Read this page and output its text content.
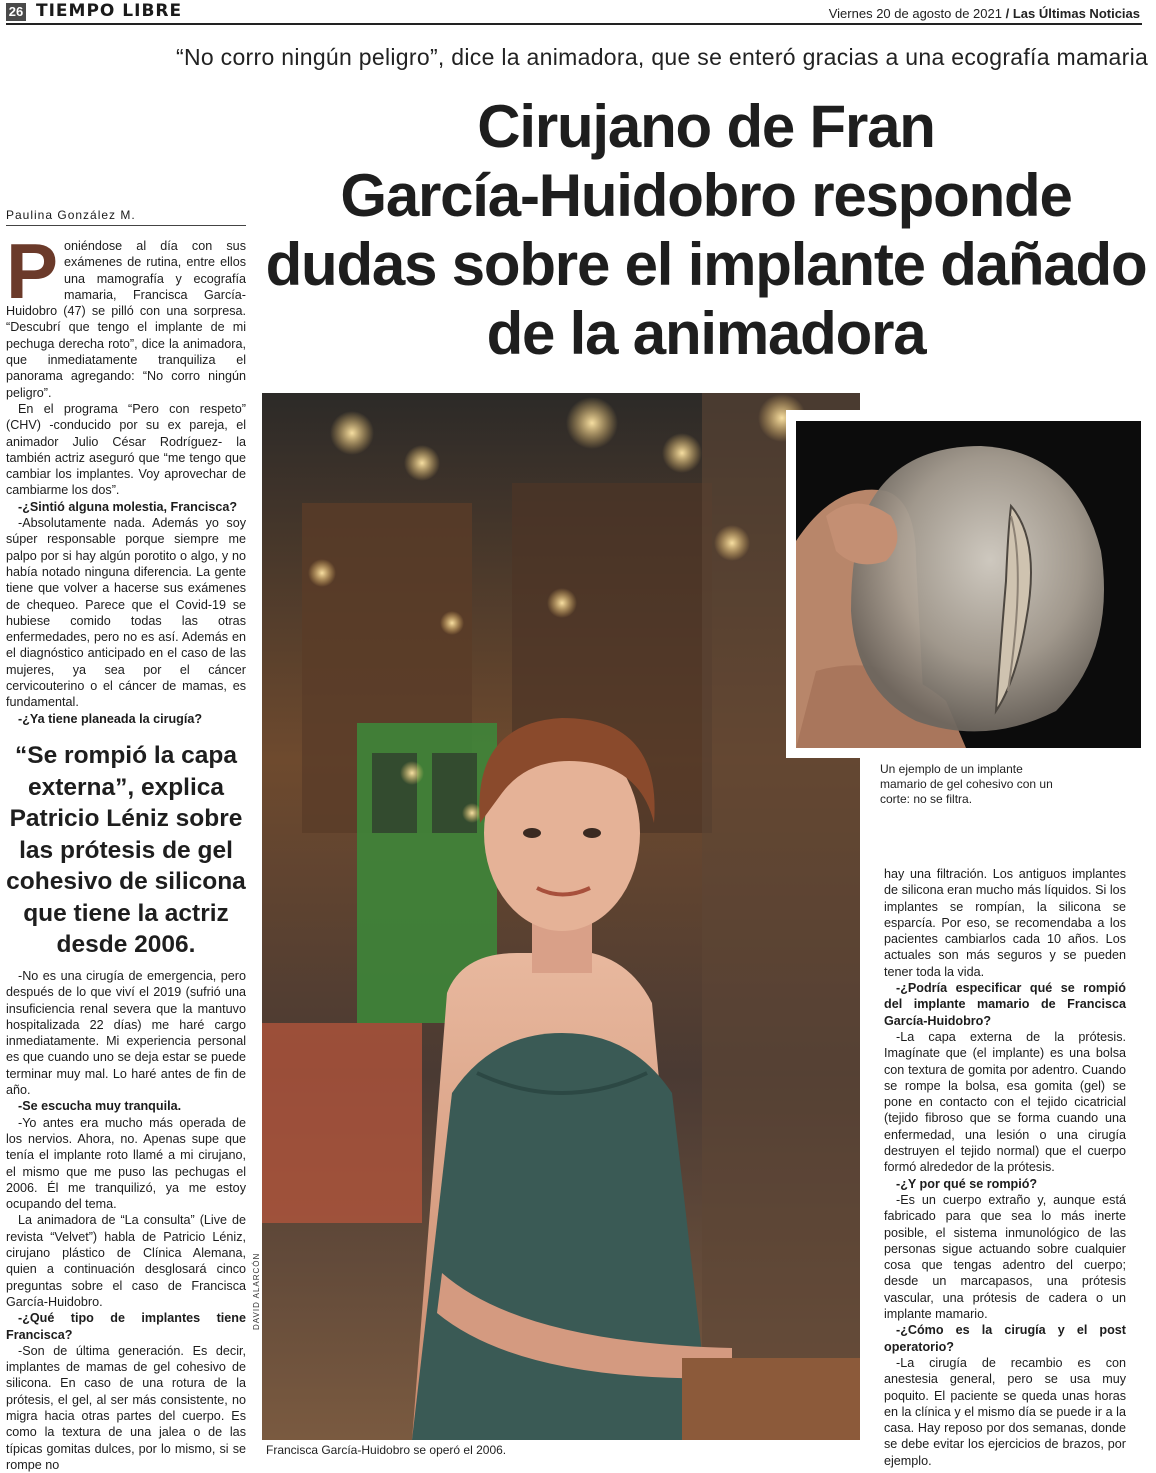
26 TIEMPO LIBRE	Viernes 20 de agosto de 2021 / Las Últimas Noticias
“No corro ningún peligro”, dice la animadora, que se enteró gracias a una ecografía mamaria
Cirujano de Fran
García-Huidobro responde
dudas sobre el implante dañado
de la animadora
Paulina González M.

Poniéndose al día con sus exámenes de rutina, entre ellos una mamografía y ecografía mamaria, Francisca García-Huidobro (47) se pilló con una sorpresa. “Descubrí que tengo el implante de mi pechuga derecha roto”, dice la animadora, que inmediatamente tranquiliza el panorama agregando: “No corro ningún peligro”.

En el programa “Pero con respeto” (CHV) -conducido por su ex pareja, el animador Julio César Rodríguez- la también actriz aseguró que “me tengo que cambiar los implantes. Voy aprovechar de cambiarme los dos”.

-¿Sintió alguna molestia, Francisca?

-Absolutamente nada. Además yo soy súper responsable porque siempre me palpo por si hay algún porotito o algo, y no había notado ninguna diferencia. La gente tiene que volver a hacerse sus exámenes de chequeo. Parece que el Covid-19 se hubiese comido todas las otras enfermedades, pero no es así. Además en el diagnóstico anticipado en el caso de las mujeres, ya sea por el cáncer cervicouterino o el cáncer de mamas, es fundamental.

-¿Ya tiene planeada la cirugía?

“Se rompió la capa externa”, explica Patricio Léniz sobre las prótesis de gel cohesivo de silicona que tiene la actriz desde 2006.

-No es una cirugía de emergencia, pero después de lo que viví el 2019 (sufrió una insuficiencia renal severa que la mantuvo hospitalizada 22 días) me haré cargo inmediatamente. Mi experiencia personal es que cuando uno se deja estar se puede terminar muy mal. Lo haré antes de fin de año.

-Se escucha muy tranquila.

-Yo antes era mucho más operada de los nervios. Ahora, no. Apenas supe que tenía el implante roto llamé a mi cirujano, el mismo que me puso las pechugas el 2006. Él me tranquilizó, ya me estoy ocupando del tema.

La animadora de “La consulta” (Live de revista “Velvet”) habla de Patricio Léniz, cirujano plástico de Clínica Alemana, quien a continuación desglosará cinco preguntas sobre el caso de Francisca García-Huidobro.

-¿Qué tipo de implantes tiene Francisca?

-Son de última generación. Es decir, implantes de mamas de gel cohesivo de silicona. En caso de una rotura de la prótesis, el gel, al ser más consistente, no migra hacia otras partes del cuerpo. Es como la textura de una jalea o de las típicas gomitas dulces, por lo mismo, si se rompe no

DAVID ALARCÓN
Francisca García-Huidobro se operó el 2006.
Un ejemplo de un implante mamario de gel cohesivo con un corte: no se filtra.

hay una filtración. Los antiguos implantes de silicona eran mucho más líquidos. Si los implantes se rompían, la silicona se esparcía. Por eso, se recomendaba a los pacientes cambiarlos cada 10 años. Los actuales son más seguros y se pueden tener toda la vida.

-¿Podría especificar qué se rompió del implante mamario de Francisca García-Huidobro?

-La capa externa de la prótesis. Imagínate que (el implante) es una bolsa con textura de gomita por adentro. Cuando se rompe la bolsa, esa gomita (gel) se pone en contacto con el tejido cicatricial (tejido fibroso que se forma cuando una enfermedad, una lesión o una cirugía destruyen el tejido normal) que el cuerpo formó alrededor de la prótesis.

-¿Y por qué se rompió?

-Es un cuerpo extraño y, aunque está fabricado para que sea lo más inerte posible, el sistema inmunológico de las personas sigue actuando sobre cualquier cosa que tengas adentro del cuerpo; desde un marcapasos, una prótesis vascular, una prótesis de cadera o un implante mamario.

-¿Cómo es la cirugía y el post operatorio?

-La cirugía de recambio es con anestesia general, pero se usa muy poquito. El paciente se queda unas horas en la clínica y el mismo día se puede ir a la casa. Hay reposo por dos semanas, donde se debe evitar los ejercicios de brazos, por ejemplo.
